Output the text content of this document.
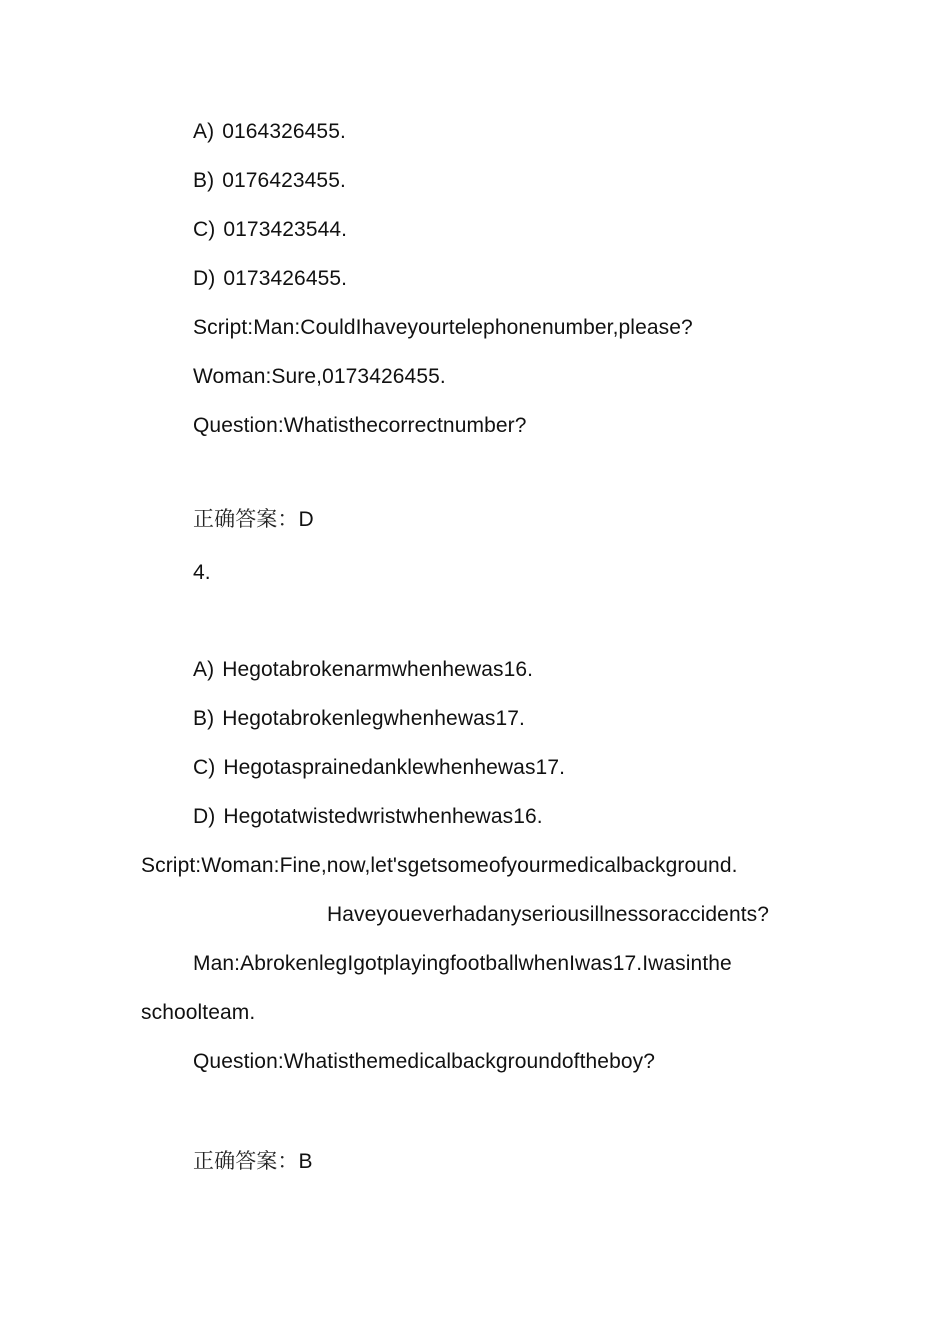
A) 0164326455.
B) 0176423455.
C) 0173423544.
D) 0173426455.
Script:Man:CouldIhaveyourtelephonenumber,please?
Woman:Sure,0173426455.
Question:Whatisthecorrectnumber?
正确答案：D
4.
A) Hegotabrokenarmwhenhewas16.
B) Hegotabrokenlegwhenhewas17.
C) Hegotasprainedanklewhenhewas17.
D) Hegotatwistedwristwhenhewas16.
Script:Woman:Fine,now,let'sgetsomeofyourmedicalbackground.
Haveyoueverhadanyseriousillnessoraccidents?
Man:AbrokenlegIgotplayingfootballwhenIwas17.Iwasinthe
schoolteam.
Question:Whatisthemedicalbackgroundoftheboy?
正确答案：B
